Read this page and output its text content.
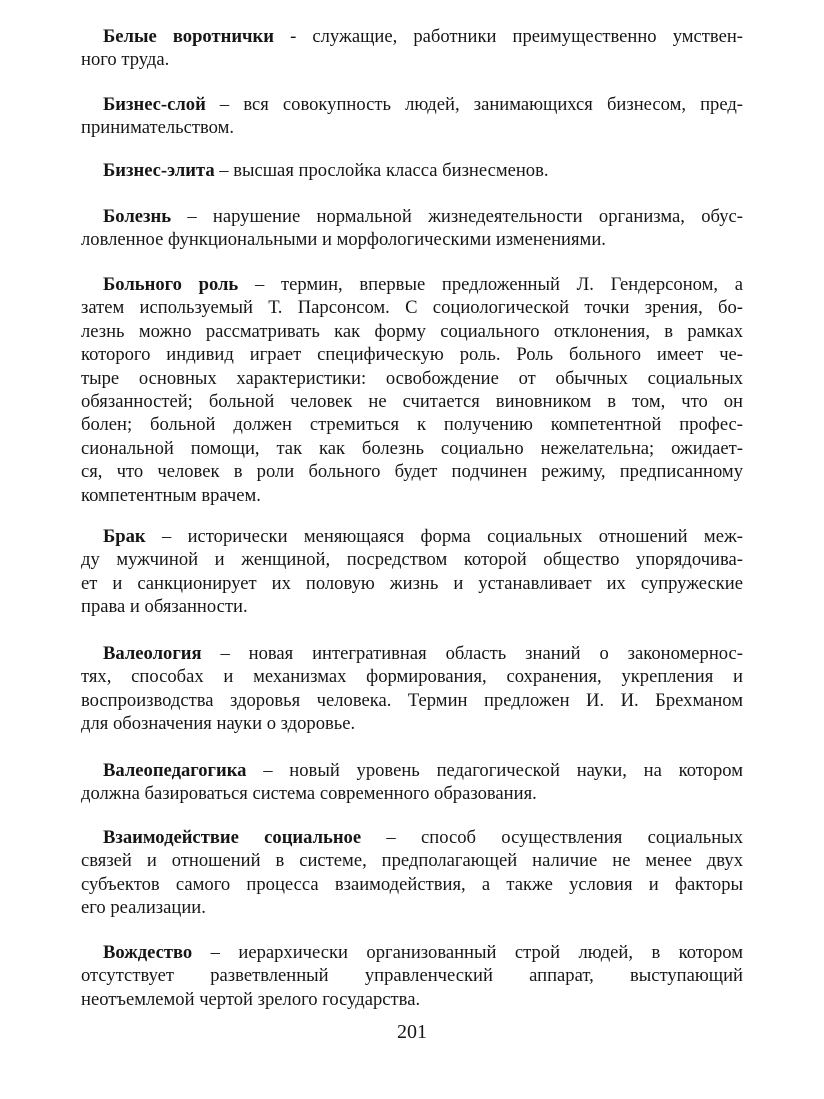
Белые воротнички - служащие, работники преимущественно умствен-
ного труда.
Бизнес-слой – вся совокупность людей, занимающихся бизнесом, пред-
принимательством.
Бизнес-элита – высшая прослойка класса бизнесменов.
Болезнь – нарушение нормальной жизнедеятельности организма, обус-
ловленное функциональными и морфологическими изменениями.
Больного роль – термин, впервые предложенный Л. Гендерсоном, а
затем используемый Т. Парсонсом. С социологической точки зрения, бо-
лезнь можно рассматривать как форму социального отклонения, в рамках
которого индивид играет специфическую роль. Роль больного имеет че-
тыре основных характеристики: освобождение от обычных социальных
обязанностей; больной человек не считается виновником в том, что он
болен; больной должен стремиться к получению компетентной профес-
сиональной помощи, так как болезнь социально нежелательна; ожидает-
ся, что человек в роли больного будет подчинен режиму, предписанному
компетентным врачем.
Брак – исторически меняющаяся форма социальных отношений меж-
ду мужчиной и женщиной, посредством которой общество упорядочива-
ет и санкционирует их половую жизнь и устанавливает их супружеские
права и обязанности.
Валеология – новая интегративная область знаний о закономернос-
тях, способах и механизмах формирования, сохранения, укрепления и
воспроизводства здоровья человека. Термин предложен И. И. Брехманом
для обозначения науки о здоровье.
Валеопедагогика – новый уровень педагогической науки, на котором
должна базироваться система современного образования.
Взаимодействие социальное – способ осуществления социальных
связей и отношений в системе, предполагающей наличие не менее двух
субъектов самого процесса взаимодействия, а также условия и факторы
его реализации.
Вождество – иерархически организованный строй людей, в котором
отсутствует разветвленный управленческий аппарат, выступающий
неотъемлемой чертой зрелого государства.
201
